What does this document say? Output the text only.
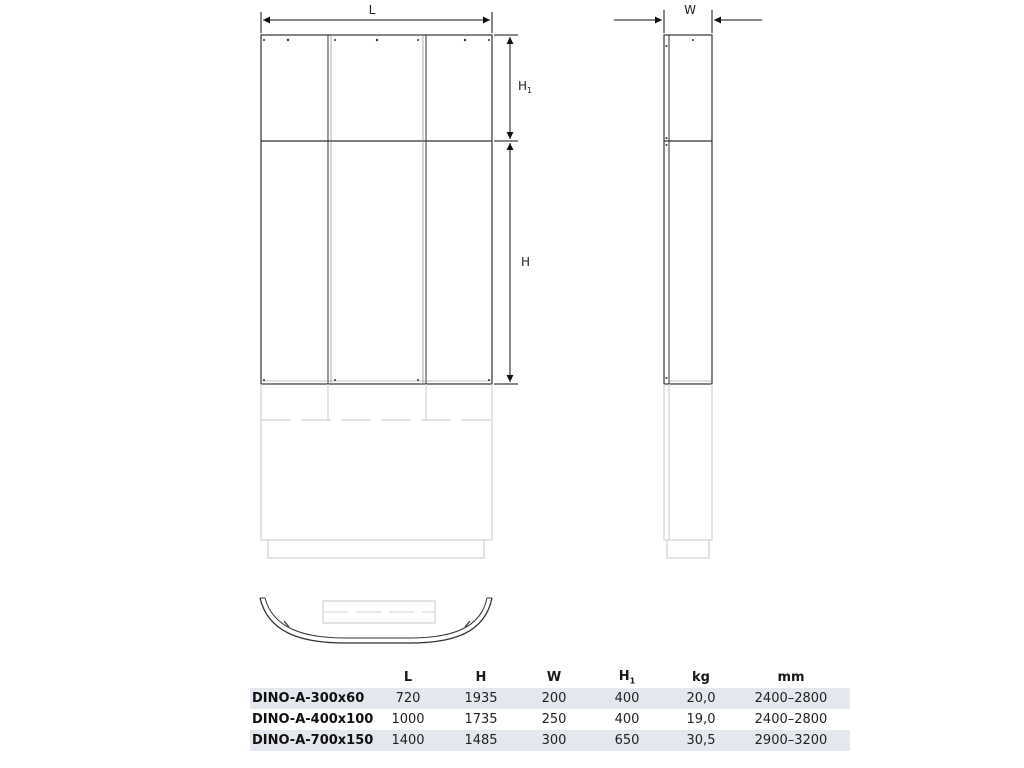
L
$H_1$
H
W
	L	H	W	$H_1$	kg	mm
DINO-A-300x60	720	1935	200	400	20,0	2400–2800
DINO-A-400x100	1000	1735	250	400	19,0	2400–2800
DINO-A-700x150	1400	1485	300	650	30,5	2900–3200
